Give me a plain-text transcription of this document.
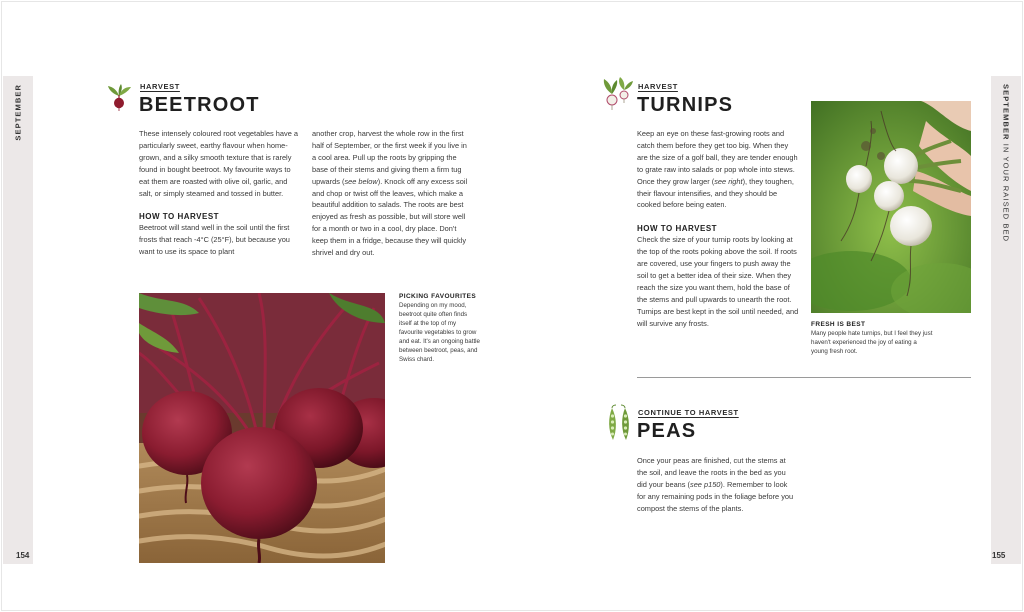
SEPTEMBER	SEPTEMBER IN YOUR RAISED BED
154	155
HARVEST
BEETROOT

These intensely coloured root vegetables have a particularly sweet, earthy flavour when home-grown, and a silky smooth texture that is rarely found in bought beetroot. My favourite ways to eat them are roasted with olive oil, garlic, and salt, or simply steamed and tossed in butter.

HOW TO HARVEST

Beetroot will stand well in the soil until the first frosts that reach -4°C (25°F), but because you want to use its space to plant

another crop, harvest the whole row in the first half of September, or the first week if you live in a cool area. Pull up the roots by gripping the base of their stems and giving them a firm tug upwards (see below). Knock off any excess soil and chop or twist off the leaves, which make a beautiful addition to salads. The roots are best enjoyed as fresh as possible, but will store well for a month or two in a cool, dry place. Don't keep them in a fridge, because they will quickly shrivel and dry out.

PICKING FAVOURITES
Depending on my mood, beetroot quite often finds itself at the top of my favourite vegetables to grow and eat. It's an ongoing battle between beetroot, peas, and Swiss chard.
HARVEST
TURNIPS

Keep an eye on these fast-growing roots and catch them before they get too big. When they are the size of a golf ball, they are tender enough to grate raw into salads or pop whole into stews. Once they grow larger (see right), they toughen, their flavour intensifies, and they should be cooked before being eaten.

HOW TO HARVEST

Check the size of your turnip roots by looking at the top of the roots poking above the soil. If roots are covered, use your fingers to push away the soil to get a better idea of their size. When they reach the size you want them, hold the base of the stems and pull upwards to unearth the root. Turnips are best kept in the soil until needed, and will survive any frosts.	FRESH IS BEST
Many people hate turnips, but I feel they just haven't experienced the joy of eating a young fresh root.
CONTINUE TO HARVEST
PEAS

Once your peas are finished, cut the stems at the soil, and leave the roots in the bed as you did your beans (see p150). Remember to look for any remaining pods in the foliage before you compost the stems of the plants.
